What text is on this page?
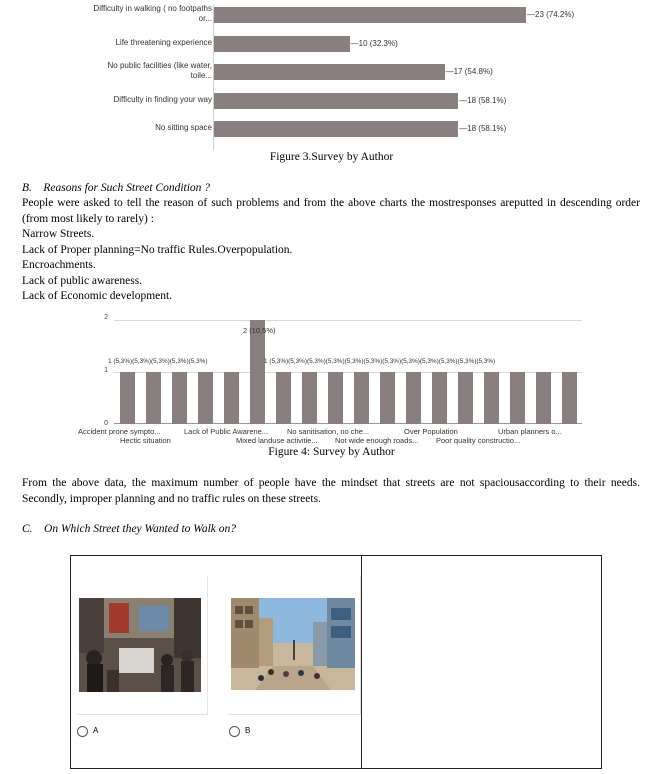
Difficulty in walking ( no footpaths
or...
Life threatening experience
No public facilities (like water,
toile...
Difficulty in finding your way
No sitting space
—23 (74.2%)
—10 (32.3%)
—17 (54.8%)
—18 (58.1%)
—18 (58.1%)
Figure 3.Survey by Author
B. Reasons for Such Street Condition ?
People were asked to tell the reason of such problems and from the above charts the mostresponses areputted in descending order (from most likely to rarely) :
Narrow Streets.
Lack of Proper planning=No traffic Rules.Overpopulation.
Encroachments.
Lack of public awareness.
Lack of Economic development.
2
1
0
2 (10,5%)
1 (5,3%)(5,3%)(5,3%)(5,3%)(5,3%)	1 (5,3%)(5,3%)(5,3%)(5,3%)(5,3%)(5,3%)(5,3%)(5,3%)(5,3%)(5,3%)(5,3%)(5,3%)
Accident prone sympto...	Lack of Public Awarene...	No sanitisation, no che...	Over Population	Urban planners o...
Hectic situation	Mixed landuse activitie... Not wide enough roads... Poor quality constructio...
Figure 4: Survey by Author
From the above data, the maximum number of people have the mindset that streets are not spaciousaccording to their needs. Secondly, improper planning and no traffic rules on these streets.
C. On Which Street they Wanted to Walk on?
A	B
